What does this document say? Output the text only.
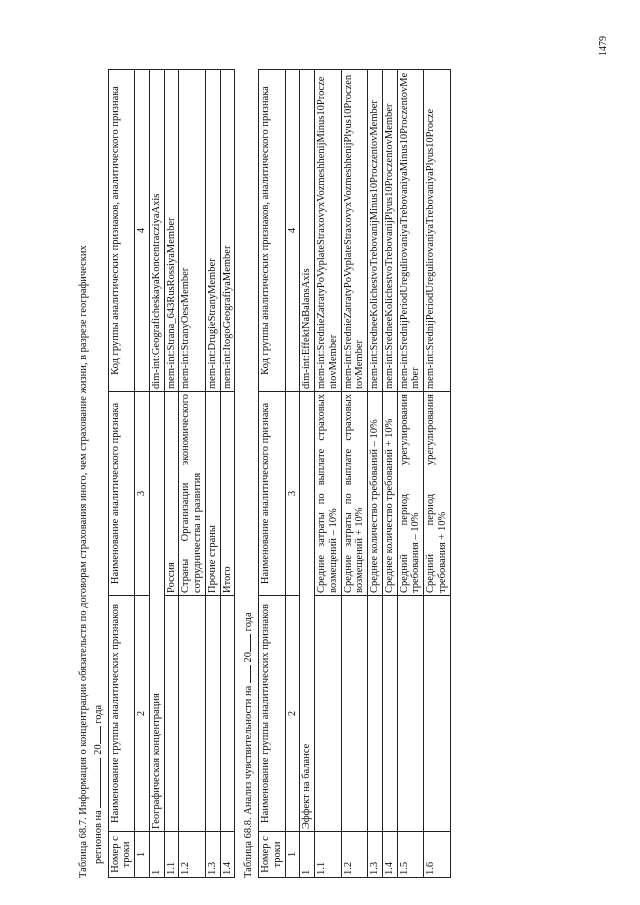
1479
Таблица 68.7. Информация о концентрации обязательств по договорам страхования иного, чем страхование жизни, в разрезе географических регионов на  20 года
Номер строки	Наименование группы аналитических признаков	Наименование аналитического признака	Код группы аналитических признаков, аналитического признака
1	2	3	4
1	Географическая концентрация		dim-int:GeograficheskayaKoncentracziyaAxis
1.1		Россия	mem-int:Strana_643RusRossiyaMember
1.2		Страны Организации экономического сотрудничества и развития	mem-int:StranyOesrMember
1.3		Прочие страны	mem-int:DrugieStranyMember
1.4		Итого	mem-int:ItogoGeografiyaMember
Таблица 68.8. Анализ чувствительности на  20 года
Номер строки	Наименование группы аналитических признаков	Наименование аналитического признака	Код группы аналитических признаков, аналитического признака
1	2	3	4
1	Эффект на балансе		dim-int:EffektNaBalansAxis
1.1		Средние затраты по выплате страховых возмещений – 10%	mem-int:SrednieZatratyPoVyplateStraxovyxVozmeshhenijMinus10ProczentovMember
1.2		Средние затраты по выплате страховых возмещений + 10%	mem-int:SrednieZatratyPoVyplateStraxovyxVozmeshhenijPlyus10ProczentovMember
1.3		Среднее количество требований – 10%	mem-int:SredneeKolichestvoTrebovanijMinus10ProczentovMember
1.4		Среднее количество требований + 10%	mem-int:SredneeKolichestvoTrebovanijPlyus10ProczentovMember
1.5		Средний период урегулирования требования – 10%	mem-int:SrednijPeriodUregulirovaniyaTrebovaniyaMinus10ProczentovMember
1.6		Средний период урегулирования требования + 10%	mem-int:SrednijPeriodUregulirovaniyaTrebovaniyaPlyus10Procze
